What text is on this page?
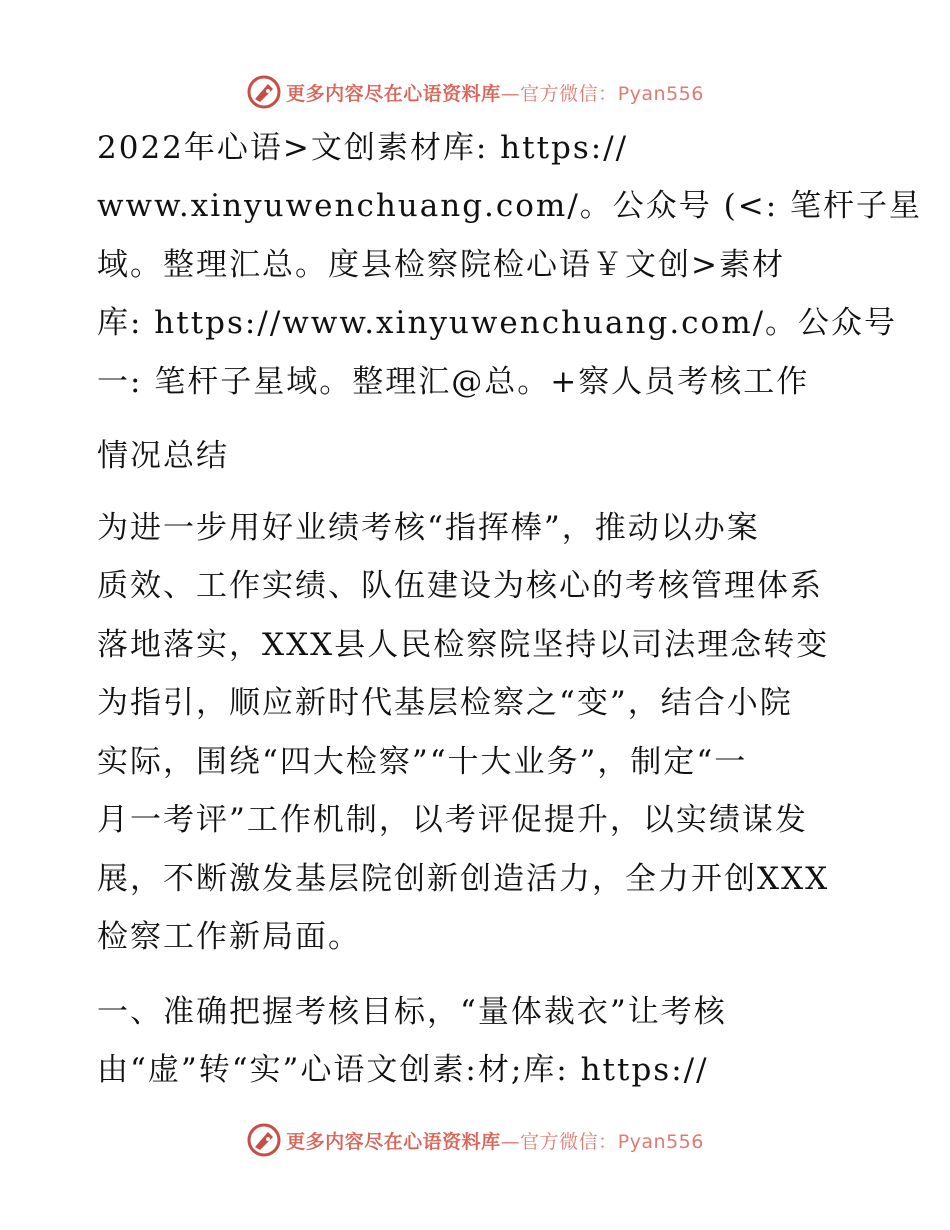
更多内容尽在心语资料库—官方微信：Pyan556
2022年心语>文创素材库: https://
www.xinyuwenchuang.com/。公众号 (<: 笔杆子星
域。整理汇总。度县检察院检心语￥文创>素材
库: https://www.xinyuwenchuang.com/。公众号
一: 笔杆子星域。整理汇@总。+察人员考核工作
情况总结
为进一步用好业绩考核“指挥棒”，推动以办案
质效、工作实绩、队伍建设为核心的考核管理体系
落地落实，XXX县人民检察院坚持以司法理念转变
为指引，顺应新时代基层检察之“变”，结合小院
实际，围绕“四大检察”“十大业务”，制定“一
月一考评”工作机制，以考评促提升，以实绩谋发
展，不断激发基层院创新创造活力，全力开创XXX
检察工作新局面。
一、准确把握考核目标，“量体裁衣”让考核
由“虚”转“实”心语文创素:材;库: https://
更多内容尽在心语资料库—官方微信：Pyan556
